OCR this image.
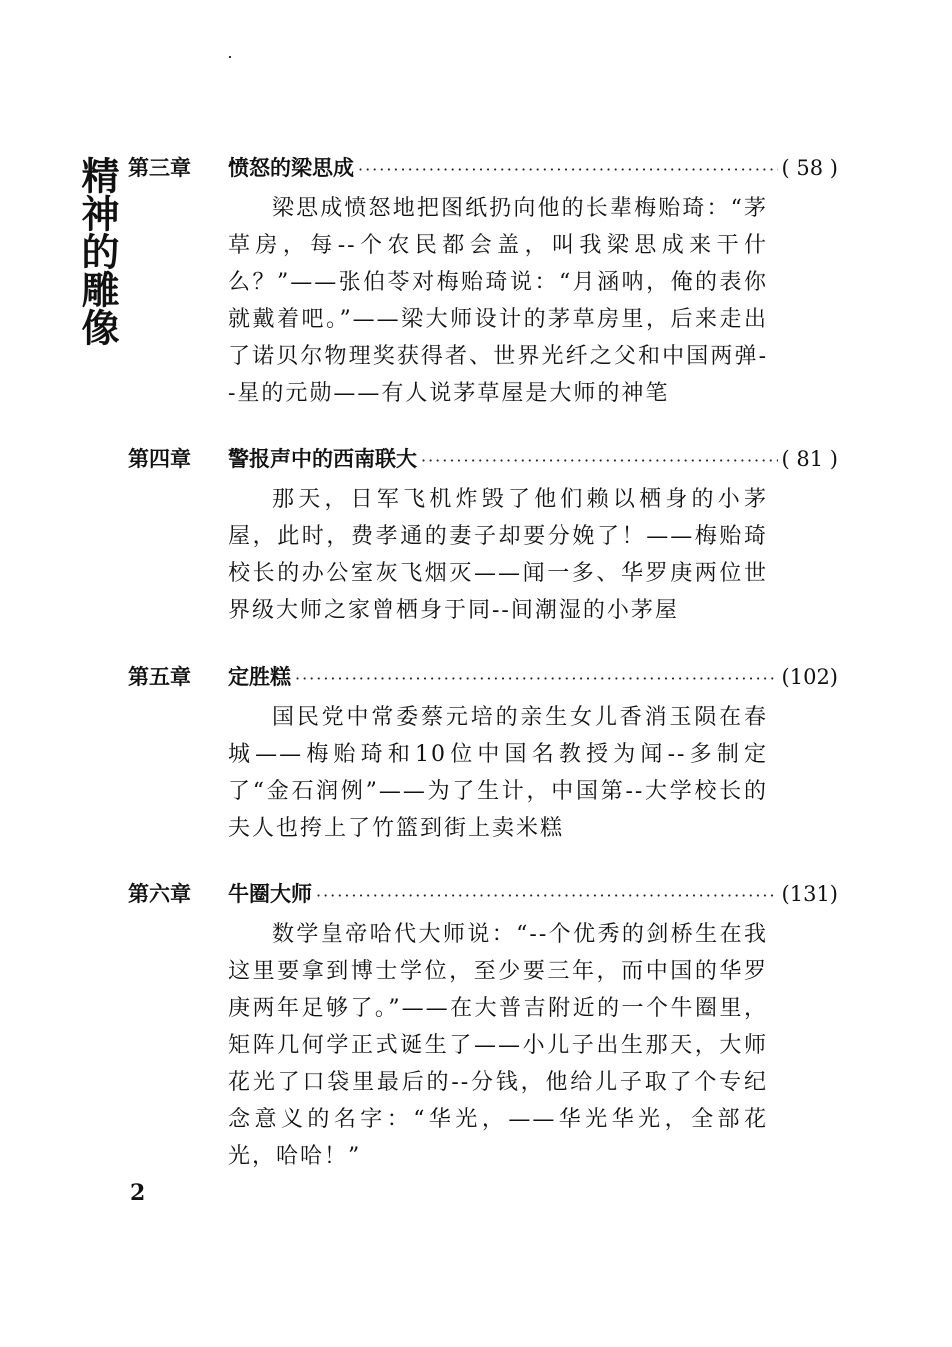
精神的雕像 第三章	愤怒的梁思成 ·····	( 58 )
梁思成愤怒地把图纸扔向他的长辈梅贻琦：“茅草房，每--个农民都会盖，叫我梁思成来干什么？”——张伯苓对梅贻琦说：“月涵呐，俺的表你就戴着吧。”——梁大师设计的茅草房里，后来走出了诺贝尔物理奖获得者、世界光纤之父和中国两弹--星的元勋——有人说茅草屋是大师的神笔
第四章	警报声中的西南联大 ·····	( 81 )
那天，日军飞机炸毁了他们赖以栖身的小茅屋，此时，费孝通的妻子却要分娩了！——梅贻琦校长的办公室灰飞烟灭——闻一多、华罗庚两位世界级大师之家曾栖身于同--间潮湿的小茅屋
第五章	定胜糕 ·····	(102)
国民党中常委蔡元培的亲生女儿香消玉陨在春城——梅贻琦和10位中国名教授为闻--多制定了“金石润例”——为了生计，中国第--大学校长的夫人也挎上了竹篮到街上卖米糕
第六章	牛圈大师 ·····	(131)
数学皇帝哈代大师说：“--个优秀的剑桥生在我这里要拿到博士学位，至少要三年，而中国的华罗庚两年足够了。”——在大普吉附近的一个牛圈里，矩阵几何学正式诞生了——小儿子出生那天，大师花光了口袋里最后的--分钱，他给儿子取了个专纪念意义的名字：“华光，——华光华光，全部花光，哈哈！”
2
